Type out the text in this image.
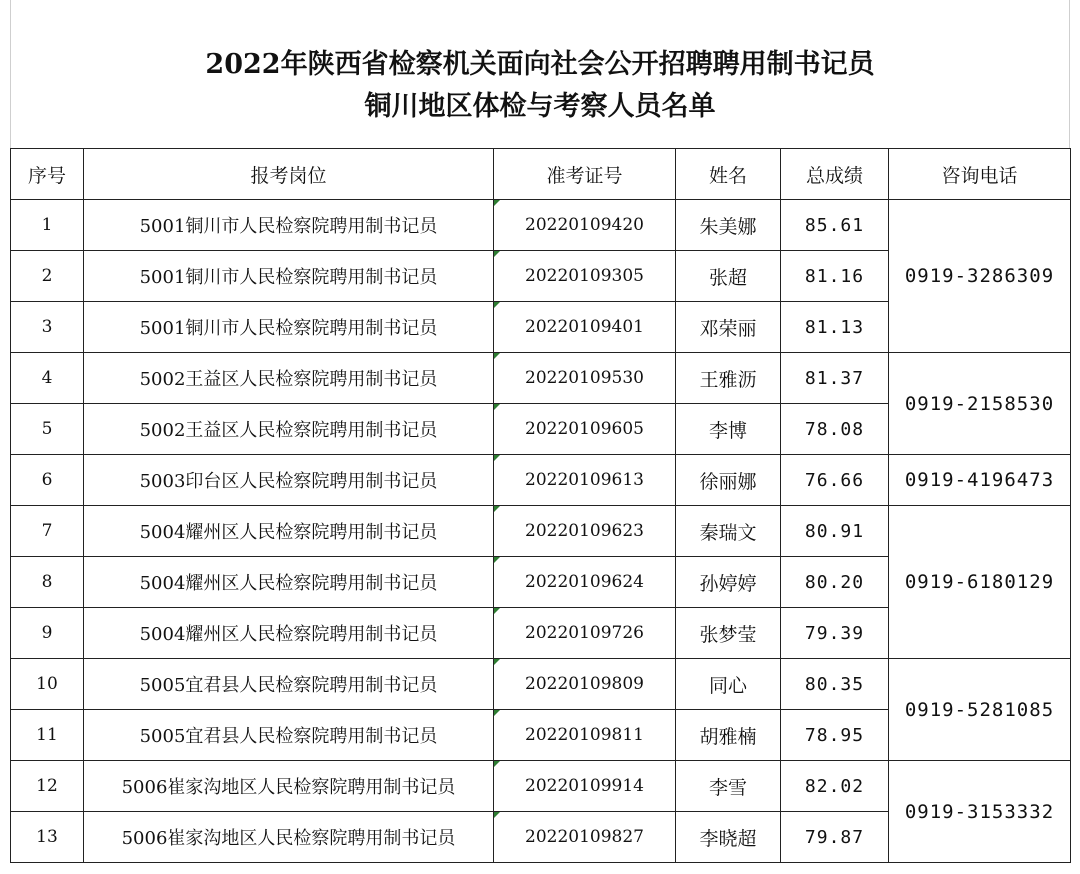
2022年陕西省检察机关面向社会公开招聘聘用制书记员
铜川地区体检与考察人员名单
序号	报考岗位	准考证号	姓名	总成绩	咨询电话
1	5001铜川市人民检察院聘用制书记员	20220109420	朱美娜	85.61	0919-3286309
2	5001铜川市人民检察院聘用制书记员	20220109305	张超	81.16	
3	5001铜川市人民检察院聘用制书记员	20220109401	邓荣丽	81.13	
4	5002王益区人民检察院聘用制书记员	20220109530	王雅沥	81.37	0919-2158530
5	5002王益区人民检察院聘用制书记员	20220109605	李博	78.08	
6	5003印台区人民检察院聘用制书记员	20220109613	徐丽娜	76.66	0919-4196473
7	5004耀州区人民检察院聘用制书记员	20220109623	秦瑞文	80.91	0919-6180129
8	5004耀州区人民检察院聘用制书记员	20220109624	孙婷婷	80.20	
9	5004耀州区人民检察院聘用制书记员	20220109726	张梦莹	79.39	
10	5005宜君县人民检察院聘用制书记员	20220109809	同心	80.35	0919-5281085
11	5005宜君县人民检察院聘用制书记员	20220109811	胡雅楠	78.95	
12	5006崔家沟地区人民检察院聘用制书记员	20220109914	李雪	82.02	0919-3153332
13	5006崔家沟地区人民检察院聘用制书记员	20220109827	李晓超	79.87	
